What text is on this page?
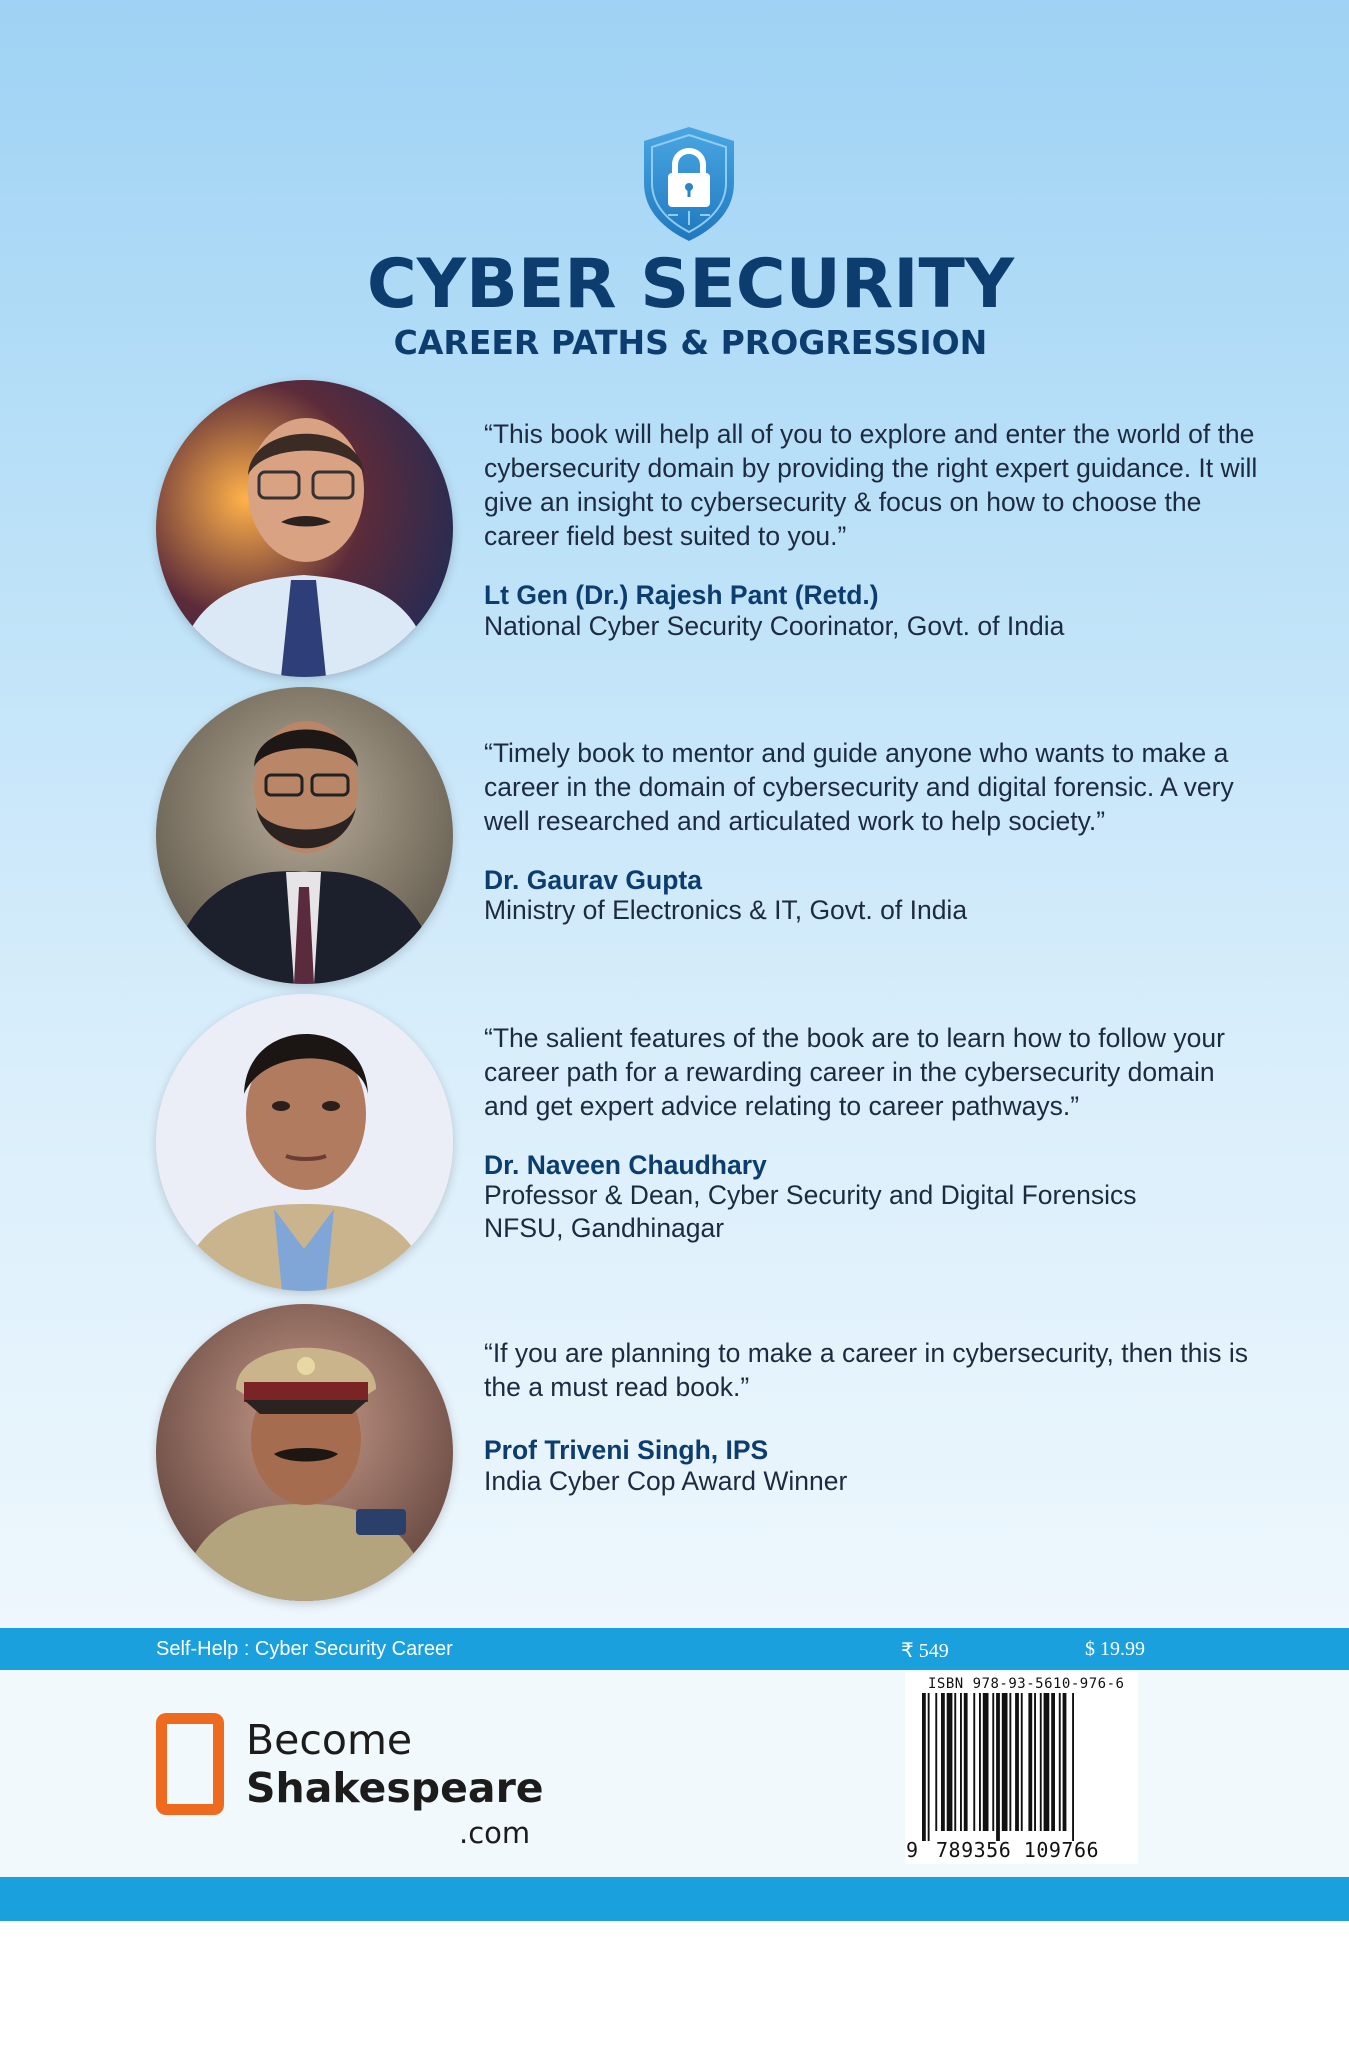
CYBER SECURITY
CAREER PATHS & PROGRESSION
“This book will help all of you to explore and enter the world of the cybersecurity domain by providing the right expert guidance. It will give an insight to cybersecurity & focus on how to choose the career field best suited to you.”
Lt Gen (Dr.) Rajesh Pant (Retd.)
National Cyber Security Coorinator, Govt. of India
“Timely book to mentor and guide anyone who wants to make a career in the domain of cybersecurity and digital forensic. A very well researched and articulated work to help society.”
Dr. Gaurav Gupta
Ministry of Electronics & IT, Govt. of India
“The salient features of the book are to learn how to follow your career path for a rewarding career in the cybersecurity domain and get expert advice relating to career pathways.”
Dr. Naveen Chaudhary
Professor & Dean, Cyber Security and Digital Forensics
NFSU, Gandhinagar
“If you are planning to make a career in cybersecurity, then this is the a must read book.”
Prof Triveni Singh, IPS
India Cyber Cop Award Winner
Self-Help : Cyber Security Career	₹ 549	$ 19.99
Become
Shakespeare
.com
ISBN 978-93-5610-976-6
9 789356 109766
